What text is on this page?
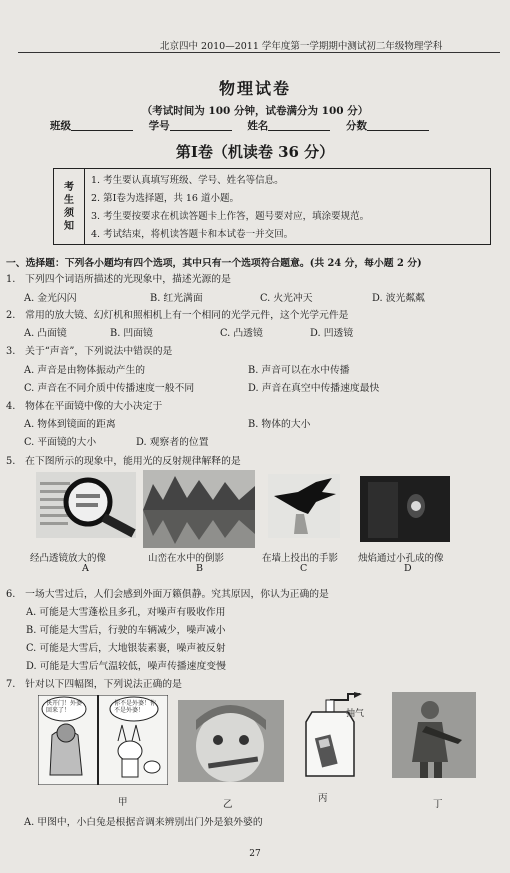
北京四中 2010—2011 学年度第一学期期中测试初二年级物理学科
物理试卷
（考试时间为 100 分钟，试卷满分为 100 分）
班级	学号	姓名	分数
第Ⅰ卷（机读卷 36 分）
考
生
须
知
1. 考生要认真填写班级、学号、姓名等信息。
2. 第Ⅰ卷为选择题，共 16 道小题。
3. 考生要按要求在机读答题卡上作答，题号要对应，填涂要规范。
4. 考试结束，将机读答题卡和本试卷一并交回。
一、选择题：下列各小题均有四个选项，其中只有一个选项符合题意。(共 24 分，每小题 2 分)
1.　下列四个词语所描述的光现象中，描述光源的是
A. 金光闪闪	B. 红光满面	C. 火光冲天	D. 波光粼粼
2.　常用的放大镜、幻灯机和照相机上有一个相同的光学元件，这个光学元件是
A. 凸面镜	B. 凹面镜	C. 凸透镜	D. 凹透镜
3.　关于“声音”，下列说法中错误的是
A. 声音是由物体振动产生的	B. 声音可以在水中传播
C. 声音在不同介质中传播速度一般不同	D. 声音在真空中传播速度最快
4.　物体在平面镜中像的大小决定于
A. 物体到镜面的距离	B. 物体的大小
C. 平面镜的大小	D. 观察者的位置
5.　在下图所示的现象中，能用光的反射规律解释的是
经凸透镜放大的像	山峦在水中的倒影	在墙上投出的手影 烛焰通过小孔成的像
A	B	C	D
6.　一场大雪过后，人们会感到外面万籁俱静。究其原因，你认为正确的是
A. 可能是大雪蓬松且多孔，对噪声有吸收作用
B. 可能是大雪后，行驶的车辆减少，噪声减小
C. 可能是大雪后，大地银装素裹，噪声被反射
D. 可能是大雪后气温较低，噪声传播速度变慢
7.　针对以下四幅图，下列说法正确的是
快开门！外婆回来了！
你不是外婆！你不是外婆！	抽气
甲	乙
丙
丁
A. 甲图中，小白兔是根据音调来辨别出门外是狼外婆的
27
